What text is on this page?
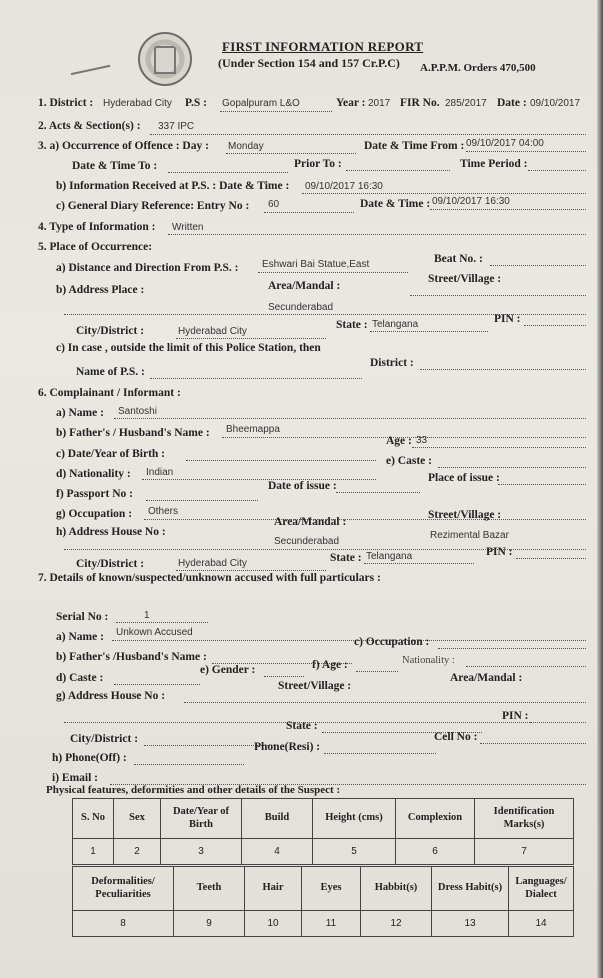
FIRST INFORMATION REPORT
(Under Section 154 and 157 Cr.P.C) A.P.P.M. Orders 470,500
1. District : Hyderabad City P.S : Gopalpuram L&O	Year : 2017 FIR No. 285/2017 Date : 09/10/2017
2. Acts & Section(s) : 337 IPC
3. a) Occurrence of Offence : Day : Monday	Date & Time From : 09/10/2017 04:00
Date & Time To :	Prior To :	Time Period :
b) Information Received at P.S. : Date & Time : 09/10/2017 16:30
c) General Diary Reference: Entry No : 60	Date & Time : 09/10/2017 16:30
4. Type of Information : Written
5. Place of Occurrence:
Beat No. :
a) Distance and Direction From P.S. : Eshwari Bai Statue,East
Street/Village :
b) Address Place :	Area/Mandal :
Secunderabad
City/District :	Hyderabad City
State : Telangana	PIN :
c) In case , outside the limit of this Police Station, then
District :
Name of P.S. :
6. Complainant / Informant :
a) Name : Santoshi
b) Father's / Husband's Name : Bheemappa
Age : 33
c) Date/Year of Birth :
e) Caste :
d) Nationality : Indian
Date of issue :
Place of issue :
f) Passport No :
g) Occupation : Others	Street/Village :
h) Address House No :
Area/Mandal :
Secunderabad
Rezimental Bazar
City/District :	Hyderabad City	State : Telangana	PIN :
7. Details of known/suspected/unknown accused with full particulars :
Serial No :	1
a) Name : Unkown Accused
c) Occupation :
b) Father's /Husband's Name :
e) Gender :	f) Age :	Nationality :
d) Caste :
Street/Village :
Area/Mandal :
g) Address House No :
PIN :
State :
City/District :	Cell No :
h) Phone(Off) :
Phone(Resi) :
i) Email :
Physical features, deformities and other details of the Suspect :
S. No	Sex	Date/Year of Birth	Build	Height (cms)	Complexion	Identification Marks(s)
1	2	3	4	5	6	7
Deformalities/ Peculiarities	Teeth	Hair	Eyes	Habbit(s)	Dress Habit(s)	Languages/ Dialect
8	9	10	11	12	13	14
